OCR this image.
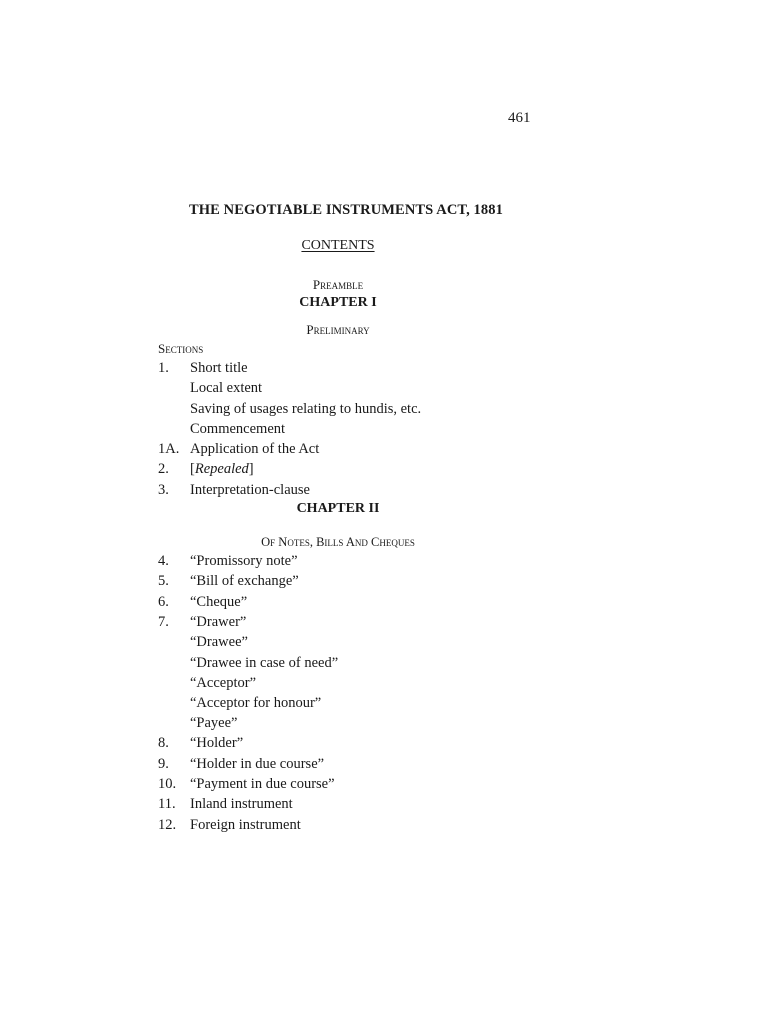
461
THE NEGOTIABLE INSTRUMENTS ACT, 1881
CONTENTS
Preamble
CHAPTER I
Preliminary
Sections
1. Short title
Local extent
Saving of usages relating to hundis, etc.
Commencement
1A. Application of the Act
2. [Repealed]
3. Interpretation-clause
CHAPTER II
Of Notes, Bills And Cheques
4. “Promissory note”
5. “Bill of exchange”
6. “Cheque”
7. “Drawer”
“Drawee”
“Drawee in case of need”
“Acceptor”
“Acceptor for honour”
“Payee”
8. “Holder”
9. “Holder in due course”
10. “Payment in due course”
11. Inland instrument
12. Foreign instrument
